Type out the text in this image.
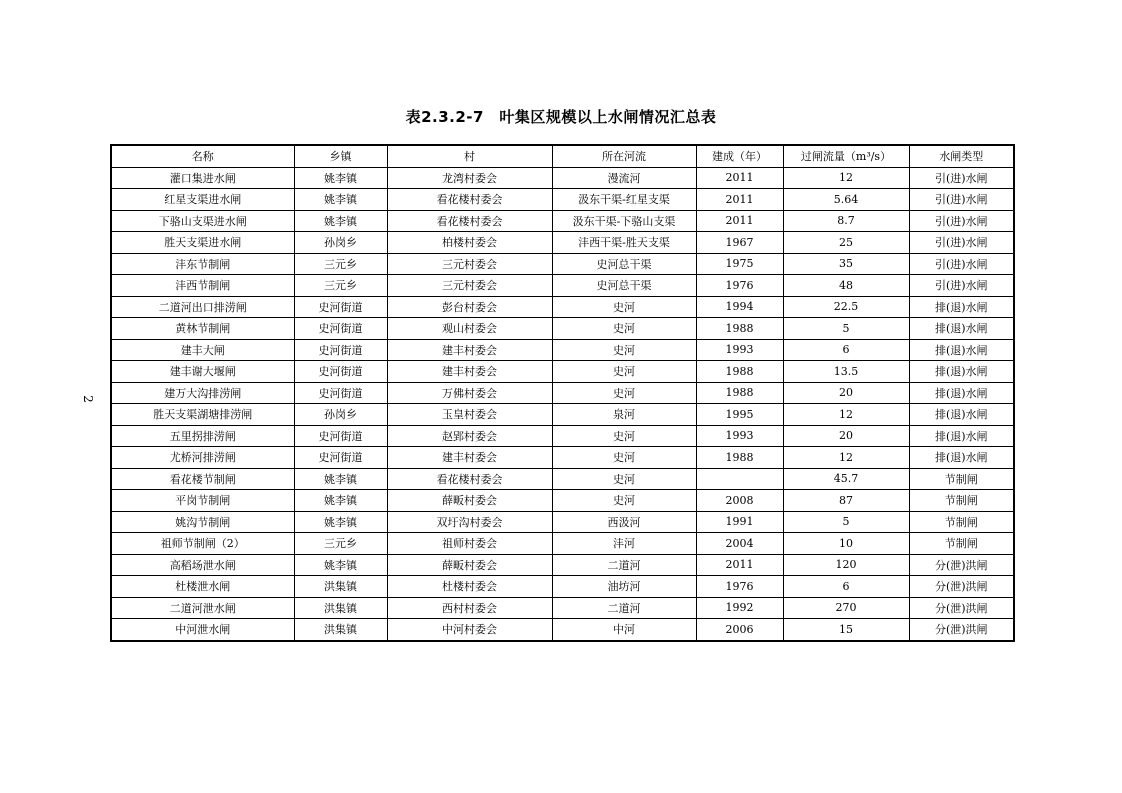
表2.3.2-7　叶集区规模以上水闸情况汇总表
2
名称	乡镇	村	所在河流	建成（年）	过闸流量（m³/s）	水闸类型
灌口集进水闸	姚李镇	龙湾村委会	漫流河	2011	12	引(进)水闸
红星支渠进水闸	姚李镇	看花楼村委会	汲东干渠-红星支渠	2011	5.64	引(进)水闸
下骆山支渠进水闸	姚李镇	看花楼村委会	汲东干渠-下骆山支渠	2011	8.7	引(进)水闸
胜天支渠进水闸	孙岗乡	柏楼村委会	沣西干渠-胜天支渠	1967	25	引(进)水闸
沣东节制闸	三元乡	三元村委会	史河总干渠	1975	35	引(进)水闸
沣西节制闸	三元乡	三元村委会	史河总干渠	1976	48	引(进)水闸
二道河出口排涝闸	史河街道	彭台村委会	史河	1994	22.5	排(退)水闸
黄林节制闸	史河街道	观山村委会	史河	1988	5	排(退)水闸
建丰大闸	史河街道	建丰村委会	史河	1993	6	排(退)水闸
建丰谢大堰闸	史河街道	建丰村委会	史河	1988	13.5	排(退)水闸
建万大沟排涝闸	史河街道	万佛村委会	史河	1988	20	排(退)水闸
胜天支渠湖塘排涝闸	孙岗乡	玉皇村委会	泉河	1995	12	排(退)水闸
五里拐排涝闸	史河街道	赵郢村委会	史河	1993	20	排(退)水闸
尤桥河排涝闸	史河街道	建丰村委会	史河	1988	12	排(退)水闸
看花楼节制闸	姚李镇	看花楼村委会	史河		45.7	节制闸
平岗节制闸	姚李镇	薛畈村委会	史河	2008	87	节制闸
姚沟节制闸	姚李镇	双圩沟村委会	西汲河	1991	5	节制闸
祖师节制闸（2）	三元乡	祖师村委会	沣河	2004	10	节制闸
高稻场泄水闸	姚李镇	薛畈村委会	二道河	2011	120	分(泄)洪闸
杜楼泄水闸	洪集镇	杜楼村委会	油坊河	1976	6	分(泄)洪闸
二道河泄水闸	洪集镇	西村村委会	二道河	1992	270	分(泄)洪闸
中河泄水闸	洪集镇	中河村委会	中河	2006	15	分(泄)洪闸
